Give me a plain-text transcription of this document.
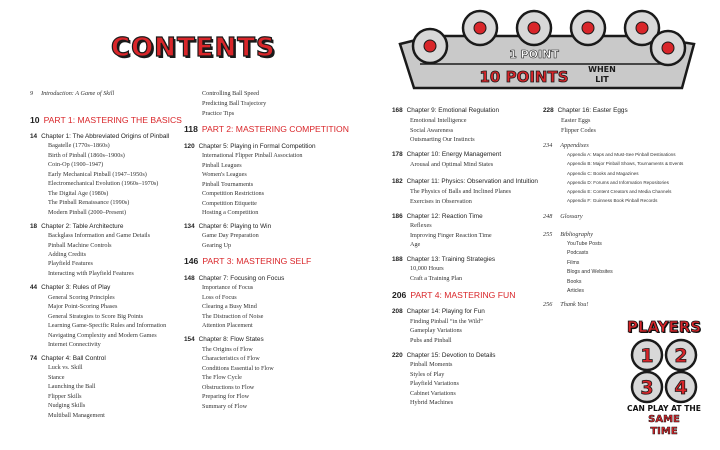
CONTENTS	1 POINT
10 POINTS WHEN
LIT
9 Introduction: A Game of Skill
10 PART 1: MASTERING THE BASICS
14 Chapter 1: The Abbreviated Origins of Pinball
Bagatelle (1770s–1860s)
Birth of Pinball (1860s–1900s)
Coin-Op (1900–1947)
Early Mechanical Pinball (1947–1950s)
Electromechanical Evolution (1960s–1970s)
The Digital Age (1980s)
The Pinball Renaissance (1990s)
Modern Pinball (2000–Present)
18 Chapter 2: Table Architecture
Backglass Information and Game Details
Pinball Machine Controls
Adding Credits
Playfield Features
Interacting with Playfield Features
44 Chapter 3: Rules of Play
General Scoring Principles
Major Point-Scoring Phases
General Strategies to Score Big Points
Learning Game-Specific Rules and Information
Navigating Complexity and Modern Games
Internet Connectivity
74 Chapter 4: Ball Control
Luck vs. Skill
Stance
Launching the Ball
Flipper Skills
Nudging Skills
Multiball Management
Controlling Ball Speed
Predicting Ball Trajectory
Practice Tips
118 PART 2: MASTERING COMPETITION
120 Chapter 5: Playing in Formal Competition
International Flipper Pinball Association
Pinball Leagues
Women's Leagues
Pinball Tournaments
Competition Restrictions
Competition Etiquette
Hosting a Competition
134 Chapter 6: Playing to Win
Game Day Preparation
Gearing Up
146 PART 3: MASTERING SELF
148 Chapter 7: Focusing on Focus
Importance of Focus
Loss of Focus
Clearing a Busy Mind
The Distraction of Noise
Attention Placement
154 Chapter 8: Flow States
The Origins of Flow
Characteristics of Flow
Conditions Essential to Flow
The Flow Cycle
Obstructions to Flow
Preparing for Flow
Summary of Flow
168 Chapter 9: Emotional Regulation
Emotional Intelligence
Social Awareness
Outsmarting Our Instincts
178 Chapter 10: Energy Management
Arousal and Optimal Mind States
182 Chapter 11: Physics: Observation and Intuition
The Physics of Balls and Inclined Planes
Exercises in Observation
186 Chapter 12: Reaction Time
Reflexes
Improving Finger Reaction Time
Age
188 Chapter 13: Training Strategies
10,000 Hours
Craft a Training Plan
206 PART 4: MASTERING FUN
208 Chapter 14: Playing for Fun
Finding Pinball “in the Wild”
Gameplay Variations
Pubs and Pinball
220 Chapter 15: Devotion to Details
Pinball Moments
Styles of Play
Playfield Variations
Cabinet Variations
Hybrid Machines
228 Chapter 16: Easter Eggs
Easter Eggs
Flipper Codes
234 Appendixes
Appendix A: Maps and Must-See Pinball Destinations
Appendix B: Major Pinball Shows, Tournaments & Events
Appendix C: Books and Magazines
Appendix D: Forums and Information Repositories
Appendix E: Content Creators and Media Channels
Appendix F: Guinness Book Pinball Records
248 Glossary
255 Bibliography
YouTube Posts
Podcasts
Films
Blogs and Websites
Books
Articles
256 Thank You!
PLAYERS
1 2
3 4
CAN PLAY AT THE
SAME
TIME
